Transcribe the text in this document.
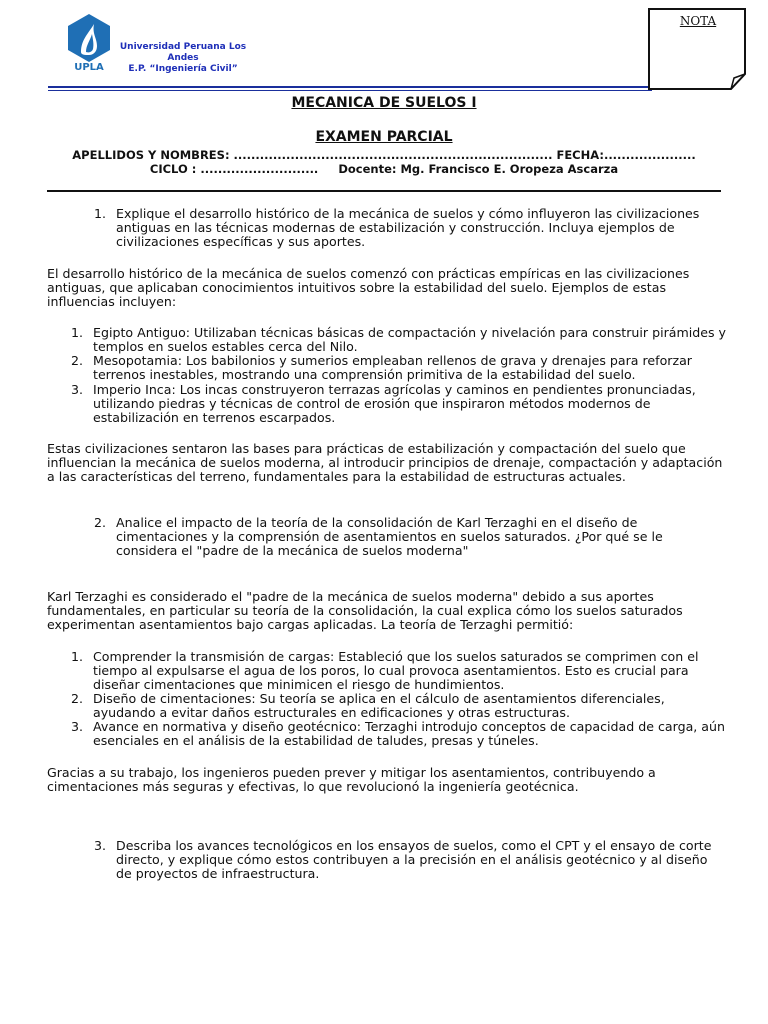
UPLA
Universidad Peruana Los Andes
E.P. “Ingeniería Civil”
NOTA
MECANICA DE SUELOS I
EXAMEN PARCIAL
APELLIDOS Y NOMBRES: ......................................................................... FECHA:.....................
CICLO : ...........................     Docente: Mg. Francisco E. Oropeza Ascarza
1. Explique el desarrollo histórico de la mecánica de suelos y cómo influyeron las civilizaciones antiguas en las técnicas modernas de estabilización y construcción. Incluya ejemplos de civilizaciones específicas y sus aportes.
El desarrollo histórico de la mecánica de suelos comenzó con prácticas empíricas en las civilizaciones antiguas, que aplicaban conocimientos intuitivos sobre la estabilidad del suelo. Ejemplos de estas influencias incluyen:
1. Egipto Antiguo: Utilizaban técnicas básicas de compactación y nivelación para construir pirámides y templos en suelos estables cerca del Nilo.
2. Mesopotamia: Los babilonios y sumerios empleaban rellenos de grava y drenajes para reforzar terrenos inestables, mostrando una comprensión primitiva de la estabilidad del suelo.
3. Imperio Inca: Los incas construyeron terrazas agrícolas y caminos en pendientes pronunciadas, utilizando piedras y técnicas de control de erosión que inspiraron métodos modernos de estabilización en terrenos escarpados.
Estas civilizaciones sentaron las bases para prácticas de estabilización y compactación del suelo que influencian la mecánica de suelos moderna, al introducir principios de drenaje, compactación y adaptación a las características del terreno, fundamentales para la estabilidad de estructuras actuales.
2. Analice el impacto de la teoría de la consolidación de Karl Terzaghi en el diseño de cimentaciones y la comprensión de asentamientos en suelos saturados. ¿Por qué se le considera el "padre de la mecánica de suelos moderna"
Karl Terzaghi es considerado el "padre de la mecánica de suelos moderna" debido a sus aportes fundamentales, en particular su teoría de la consolidación, la cual explica cómo los suelos saturados experimentan asentamientos bajo cargas aplicadas. La teoría de Terzaghi permitió:
1. Comprender la transmisión de cargas: Estableció que los suelos saturados se comprimen con el tiempo al expulsarse el agua de los poros, lo cual provoca asentamientos. Esto es crucial para diseñar cimentaciones que minimicen el riesgo de hundimientos.
2. Diseño de cimentaciones: Su teoría se aplica en el cálculo de asentamientos diferenciales, ayudando a evitar daños estructurales en edificaciones y otras estructuras.
3. Avance en normativa y diseño geotécnico: Terzaghi introdujo conceptos de capacidad de carga, aún esenciales en el análisis de la estabilidad de taludes, presas y túneles.
Gracias a su trabajo, los ingenieros pueden prever y mitigar los asentamientos, contribuyendo a cimentaciones más seguras y efectivas, lo que revolucionó la ingeniería geotécnica.
3. Describa los avances tecnológicos en los ensayos de suelos, como el CPT y el ensayo de corte directo, y explique cómo estos contribuyen a la precisión en el análisis geotécnico y al diseño de proyectos de infraestructura.
